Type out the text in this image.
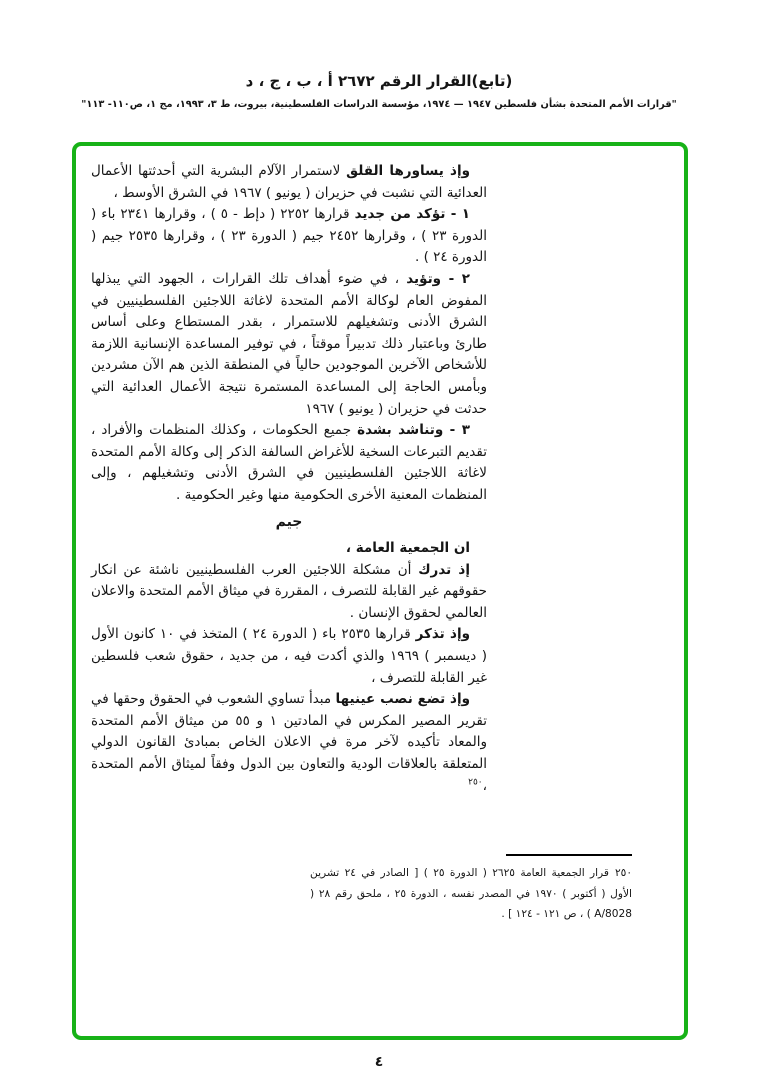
(تابع)القرار الرقم ٢٦٧٢ أ ، ب ، ج ، د
"قرارات الأمم المتحدة بشأن فلسطين ١٩٤٧ — ١٩٧٤، مؤسسة الدراسات الفلسطينية، بيروت، ط ٣، ١٩٩٣، مج ١، ص١١٠- ١١٣"

وإذ يساورها القلق لاستمرار الآلام البشرية التي أحدثتها الأعمال العدائية التي نشبت في حزيران ( يونيو ) ١٩٦٧ في الشرق الأوسط ،

١ - تؤكد من جديد قرارها ٢٢٥٢ ( دإط - ٥ ) ، وقرارها ٢٣٤١ باء ( الدورة ٢٣ ) ، وقرارها ٢٤٥٢ جيم ( الدورة ٢٣ ) ، وقرارها ٢٥٣٥ جيم ( الدورة ٢٤ ) .

٢ - وتؤيد ، في ضوء أهداف تلك القرارات ، الجهود التي يبذلها المفوض العام لوكالة الأمم المتحدة لاغاثة اللاجئين الفلسطينيين في الشرق الأدنى وتشغيلهم للاستمرار ، بقدر المستطاع وعلى أساس طارئ وباعتبار ذلك تدبيراً موقتاً ، في توفير المساعدة الإنسانية اللازمة للأشخاص الآخرين الموجودين حالياً في المنطقة الذين هم الآن مشردين وبأمس الحاجة إلى المساعدة المستمرة نتيجة الأعمال العدائية التي حدثت في حزيران ( يونيو ) ١٩٦٧

٣ - وتناشد بشدة جميع الحكومات ، وكذلك المنظمات والأفراد ، تقديم التبرعات السخية للأغراض السالفة الذكر إلى وكالة الأمم المتحدة لاغاثة اللاجئين الفلسطينيين في الشرق الأدنى وتشغيلهم ، وإلى المنظمات المعنية الأخرى الحكومية منها وغير الحكومية .

جيم

ان الجمعية العامة ،

إذ تدرك أن مشكلة اللاجئين العرب الفلسطينيين ناشئة عن انكار حقوقهم غير القابلة للتصرف ، المقررة في ميثاق الأمم المتحدة والاعلان العالمي لحقوق الإنسان .

وإذ تذكر قرارها ٢٥٣٥ باء ( الدورة ٢٤ ) المتخذ في ١٠ كانون الأول ( ديسمبر ) ١٩٦٩ والذي أكدت فيه ، من جديد ، حقوق شعب فلسطين غير القابلة للتصرف ،

وإذ تضع نصب عينيها مبدأ تساوي الشعوب في الحقوق وحقها في تقرير المصير المكرس في المادتين ١ و ٥٥ من ميثاق الأمم المتحدة والمعاد تأكيده لآخر مرة في الاعلان الخاص بمبادئ القانون الدولي المتعلقة بالعلاقات الودية والتعاون بين الدول وفقاً لميثاق الأمم المتحدة ،$^{٢٥٠}$

٢٥٠قرار الجمعية العامة ٢٦٢٥ ( الدورة ٢٥ ) [ الصادر في ٢٤ تشرين الأول ( أكتوبر ) ١٩٧٠ في المصدر نفسه ، الدورة ٢٥ ، ملحق رقم ٢٨ ( A/8028 ) ، ص ١٢١ - ١٢٤ ] .

٤
